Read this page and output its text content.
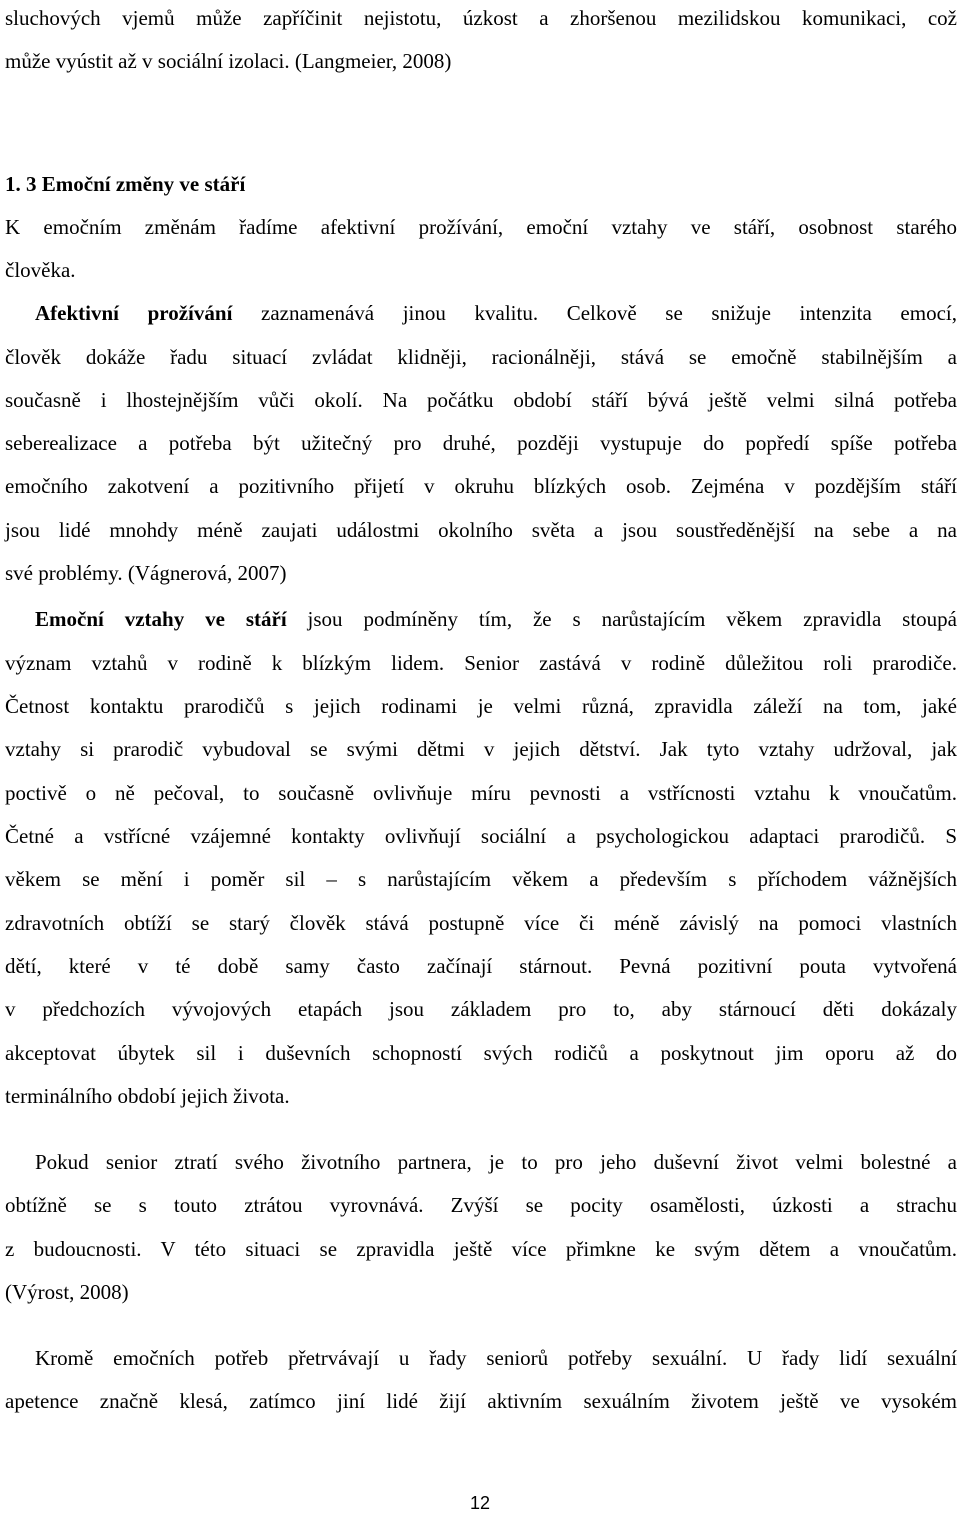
sluchových vjemů může zapříčinit nejistotu, úzkost a zhoršenou mezilidskou komunikaci, což
může vyústit až v sociální izolaci. (Langmeier, 2008)
1. 3 Emoční změny ve stáří
K emočním změnám řadíme afektivní prožívání, emoční vztahy ve stáří, osobnost starého
člověka.
Afektivní prožívání zaznamenává jinou kvalitu. Celkově se snižuje intenzita emocí,
člověk dokáže řadu situací zvládat klidněji, racionálněji, stává se emočně stabilnějším a
současně i lhostejnějším vůči okolí. Na počátku období stáří bývá ještě velmi silná potřeba
seberealizace a potřeba být užitečný pro druhé, později vystupuje do popředí spíše potřeba
emočního zakotvení a pozitivního přijetí v okruhu blízkých osob. Zejména v pozdějším stáří
jsou lidé mnohdy méně zaujati událostmi okolního světa a jsou soustředěnější na sebe a na
své problémy. (Vágnerová, 2007)
Emoční vztahy ve stáří jsou podmíněny tím, že s narůstajícím věkem zpravidla stoupá
význam vztahů v rodině k blízkým lidem. Senior zastává v rodině důležitou roli prarodiče.
Četnost kontaktu prarodičů s jejich rodinami je velmi různá, zpravidla záleží na tom, jaké
vztahy si prarodič vybudoval se svými dětmi v jejich dětství. Jak tyto vztahy udržoval, jak
poctivě o ně pečoval, to současně ovlivňuje míru pevnosti a vstřícnosti vztahu k vnoučatům.
Četné a vstřícné vzájemné kontakty ovlivňují sociální a psychologickou adaptaci prarodičů. S
věkem se mění i poměr sil – s narůstajícím věkem a především s příchodem vážnějších
zdravotních obtíží se starý člověk stává postupně více či méně závislý na pomoci vlastních
dětí, které v té době samy často začínají stárnout. Pevná pozitivní pouta vytvořená
v předchozích vývojových etapách jsou základem pro to, aby stárnoucí děti dokázaly
akceptovat úbytek sil i duševních schopností svých rodičů a poskytnout jim oporu až do
terminálního období jejich života.
Pokud senior ztratí svého životního partnera, je to pro jeho duševní život velmi bolestné a
obtížně se s touto ztrátou vyrovnává. Zvýší se pocity osamělosti, úzkosti a strachu
z budoucnosti. V této situaci se zpravidla ještě více přimkne ke svým dětem a vnoučatům.
(Výrost, 2008)
Kromě emočních potřeb přetrvávají u řady seniorů potřeby sexuální. U řady lidí sexuální
apetence značně klesá, zatímco jiní lidé žijí aktivním sexuálním životem ještě ve vysokém
12
